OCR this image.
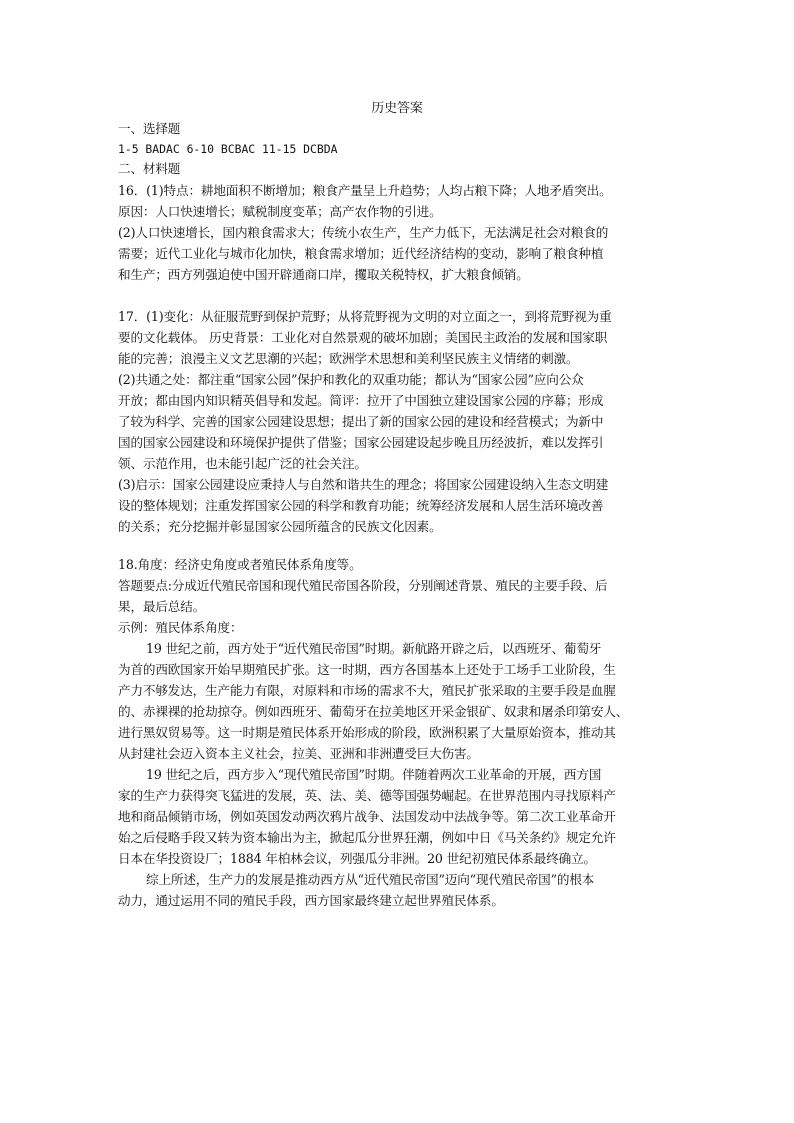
历史答案
一、选择题
1-5 BADAC 6-10 BCBAC 11-15 DCBDA
二、材料题
16．(1)特点：耕地面积不断增加；粮食产量呈上升趋势；人均占粮下降；人地矛盾突出。
原因：人口快速增长；赋税制度变革；高产农作物的引进。
(2)人口快速增长，国内粮食需求大；传统小农生产，生产力低下，无法满足社会对粮食的
需要；近代工业化与城市化加快，粮食需求增加；近代经济结构的变动，影响了粮食种植
和生产；西方列强迫使中国开辟通商口岸，攫取关税特权，扩大粮食倾销。
17．(1)变化：从征服荒野到保护荒野；从将荒野视为文明的对立面之一，到将荒野视为重
要的文化载体。 历史背景：工业化对自然景观的破坏加剧；美国民主政治的发展和国家职
能的完善；浪漫主义文艺思潮的兴起；欧洲学术思想和美利坚民族主义情绪的刺激。
(2)共通之处：都注重“国家公园”保护和教化的双重功能；都认为“国家公园”应向公众
开放；都由国内知识精英倡导和发起。简评：拉开了中国独立建设国家公园的序幕；形成
了较为科学、完善的国家公园建设思想；提出了新的国家公园的建设和经营模式；为新中
国的国家公园建设和环境保护提供了借鉴；国家公园建设起步晚且历经波折，难以发挥引
领、示范作用，也未能引起广泛的社会关注。
(3)启示：国家公园建设应秉持人与自然和谐共生的理念；将国家公园建设纳入生态文明建
设的整体规划；注重发挥国家公园的科学和教育功能；统筹经济发展和人居生活环境改善
的关系；充分挖掘并彰显国家公园所蕴含的民族文化因素。
18.角度：经济史角度或者殖民体系角度等。
答题要点:分成近代殖民帝国和现代殖民帝国各阶段，分别阐述背景、殖民的主要手段、后
果，最后总结。
示例：殖民体系角度：
19 世纪之前，西方处于“近代殖民帝国”时期。新航路开辟之后，以西班牙、葡萄牙
为首的西欧国家开始早期殖民扩张。这一时期，西方各国基本上还处于工场手工业阶段，生
产力不够发达，生产能力有限，对原料和市场的需求不大，殖民扩张采取的主要手段是血腥
的、赤裸裸的抢劫掠夺。例如西班牙、葡萄牙在拉美地区开采金银矿、奴隶和屠杀印第安人、
进行黑奴贸易等。这一时期是殖民体系开始形成的阶段，欧洲积累了大量原始资本，推动其
从封建社会迈入资本主义社会，拉美、亚洲和非洲遭受巨大伤害。
19 世纪之后，西方步入“现代殖民帝国”时期。伴随着两次工业革命的开展，西方国
家的生产力获得突飞猛进的发展，英、法、美、德等国强势崛起。在世界范围内寻找原料产
地和商品倾销市场，例如英国发动两次鸦片战争、法国发动中法战争等。第二次工业革命开
始之后侵略手段又转为资本输出为主，掀起瓜分世界狂潮，例如中日《马关条约》规定允许
日本在华投资设厂；1884 年柏林会议，列强瓜分非洲。20 世纪初殖民体系最终确立。
综上所述，生产力的发展是推动西方从“近代殖民帝国”迈向“现代殖民帝国”的根本
动力，通过运用不同的殖民手段，西方国家最终建立起世界殖民体系。
